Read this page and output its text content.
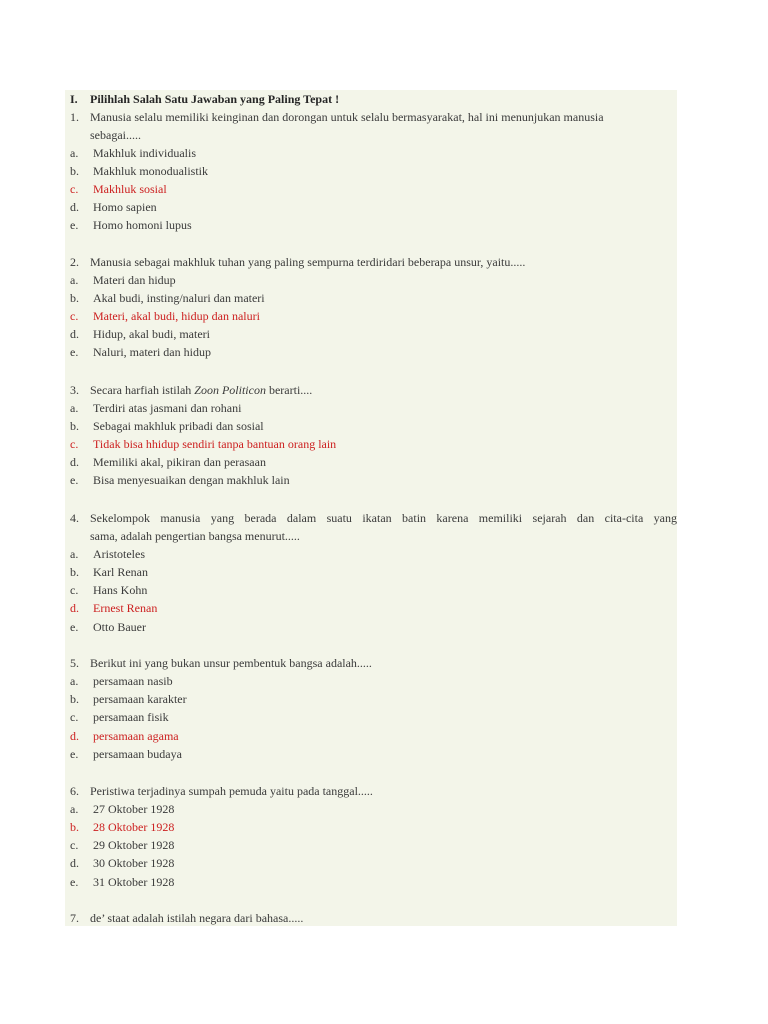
I. Pilihlah Salah Satu Jawaban yang Paling Tepat !
1. Manusia selalu memiliki keinginan dan dorongan untuk selalu bermasyarakat, hal ini menunjukan manusia
sebagai.....
a. Makhluk individualis
b. Makhluk monodualistik
c. Makhluk sosial
d. Homo sapien
e. Homo homoni lupus
2. Manusia sebagai makhluk tuhan yang paling sempurna terdiridari beberapa unsur, yaitu.....
a. Materi dan hidup
b. Akal budi, insting/naluri dan materi
c. Materi, akal budi, hidup dan naluri
d. Hidup, akal budi, materi
e. Naluri, materi dan hidup
3. Secara harfiah istilah Zoon Politicon berarti....
a. Terdiri atas jasmani dan rohani
b. Sebagai makhluk pribadi dan sosial
c. Tidak bisa hhidup sendiri tanpa bantuan orang lain
d. Memiliki akal, pikiran dan perasaan
e. Bisa menyesuaikan dengan makhluk lain
4. Sekelompok manusia yang berada dalam suatu ikatan batin karena memiliki sejarah dan cita-cita yang
sama, adalah pengertian bangsa menurut.....
a. Aristoteles
b. Karl Renan
c. Hans Kohn
d. Ernest Renan
e. Otto Bauer
5. Berikut ini yang bukan unsur pembentuk bangsa adalah.....
a. persamaan nasib
b. persamaan karakter
c. persamaan fisik
d. persamaan agama
e. persamaan budaya
6. Peristiwa terjadinya sumpah pemuda yaitu pada tanggal.....
a. 27 Oktober 1928
b. 28 Oktober 1928
c. 29 Oktober 1928
d. 30 Oktober 1928
e. 31 Oktober 1928
7. de’ staat adalah istilah negara dari bahasa.....
